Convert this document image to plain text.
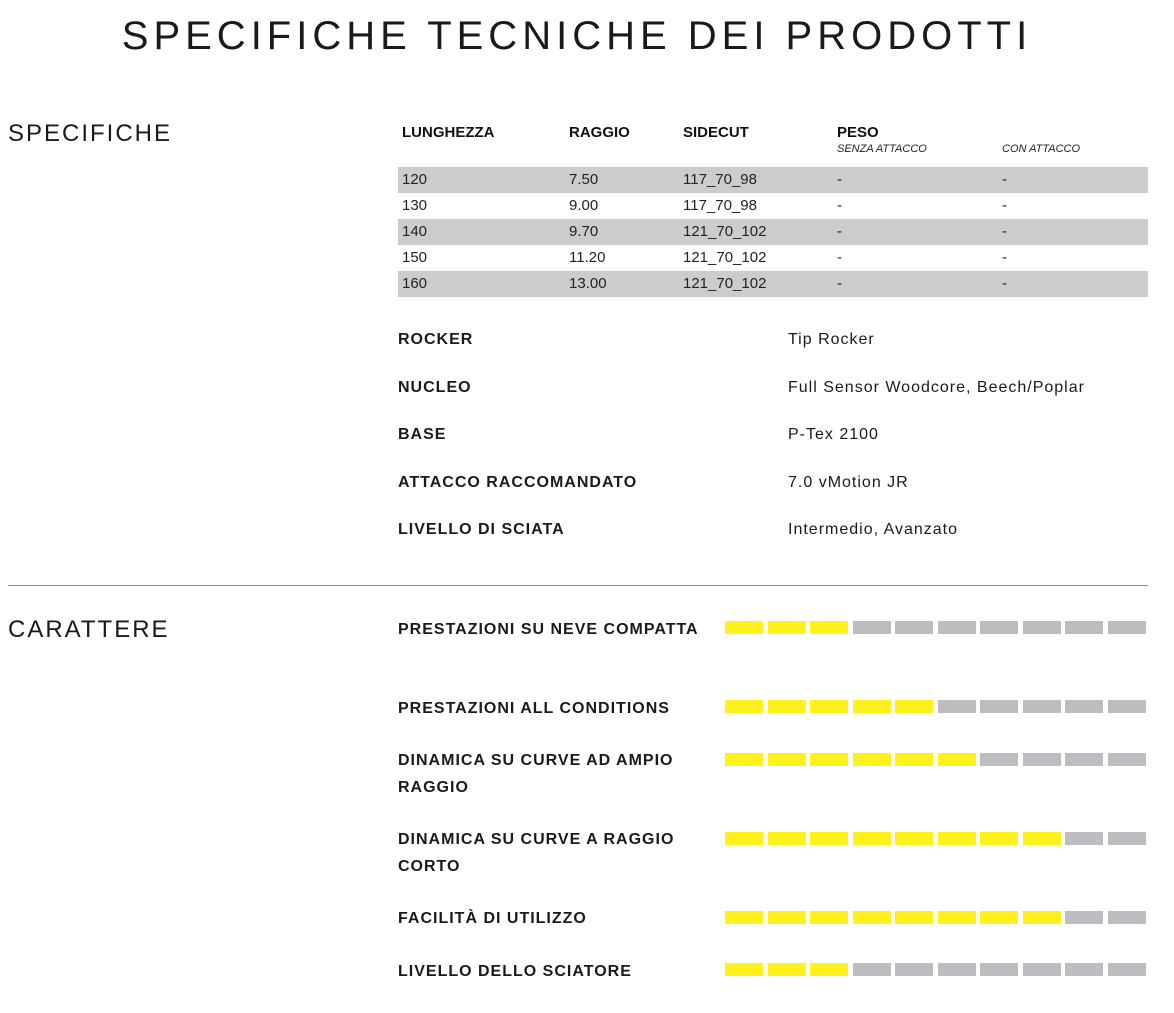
SPECIFICHE TECNICHE DEI PRODOTTI
SPECIFICHE	LUNGHEZZA	RAGGIO	SIDECUT	PESO
SENZA ATTACCO	CON ATTACCO
120	7.50	117_70_98	-	-
130	9.00	117_70_98	-	-
140	9.70	121_70_102	-	-
150	11.20	121_70_102	-	-
160	13.00	121_70_102	-	-
ROCKER	Tip Rocker
NUCLEO	Full Sensor Woodcore, Beech/Poplar
BASE	P-Tex 2100
ATTACCO RACCOMANDATO	7.0 vMotion JR
LIVELLO DI SCIATA	Intermedio, Avanzato
CARATTERE	PRESTAZIONI SU NEVE COMPATTA
PRESTAZIONI ALL CONDITIONS
DINAMICA SU CURVE AD AMPIO RAGGIO
DINAMICA SU CURVE A RAGGIO CORTO
FACILITÀ DI UTILIZZO
LIVELLO DELLO SCIATORE
